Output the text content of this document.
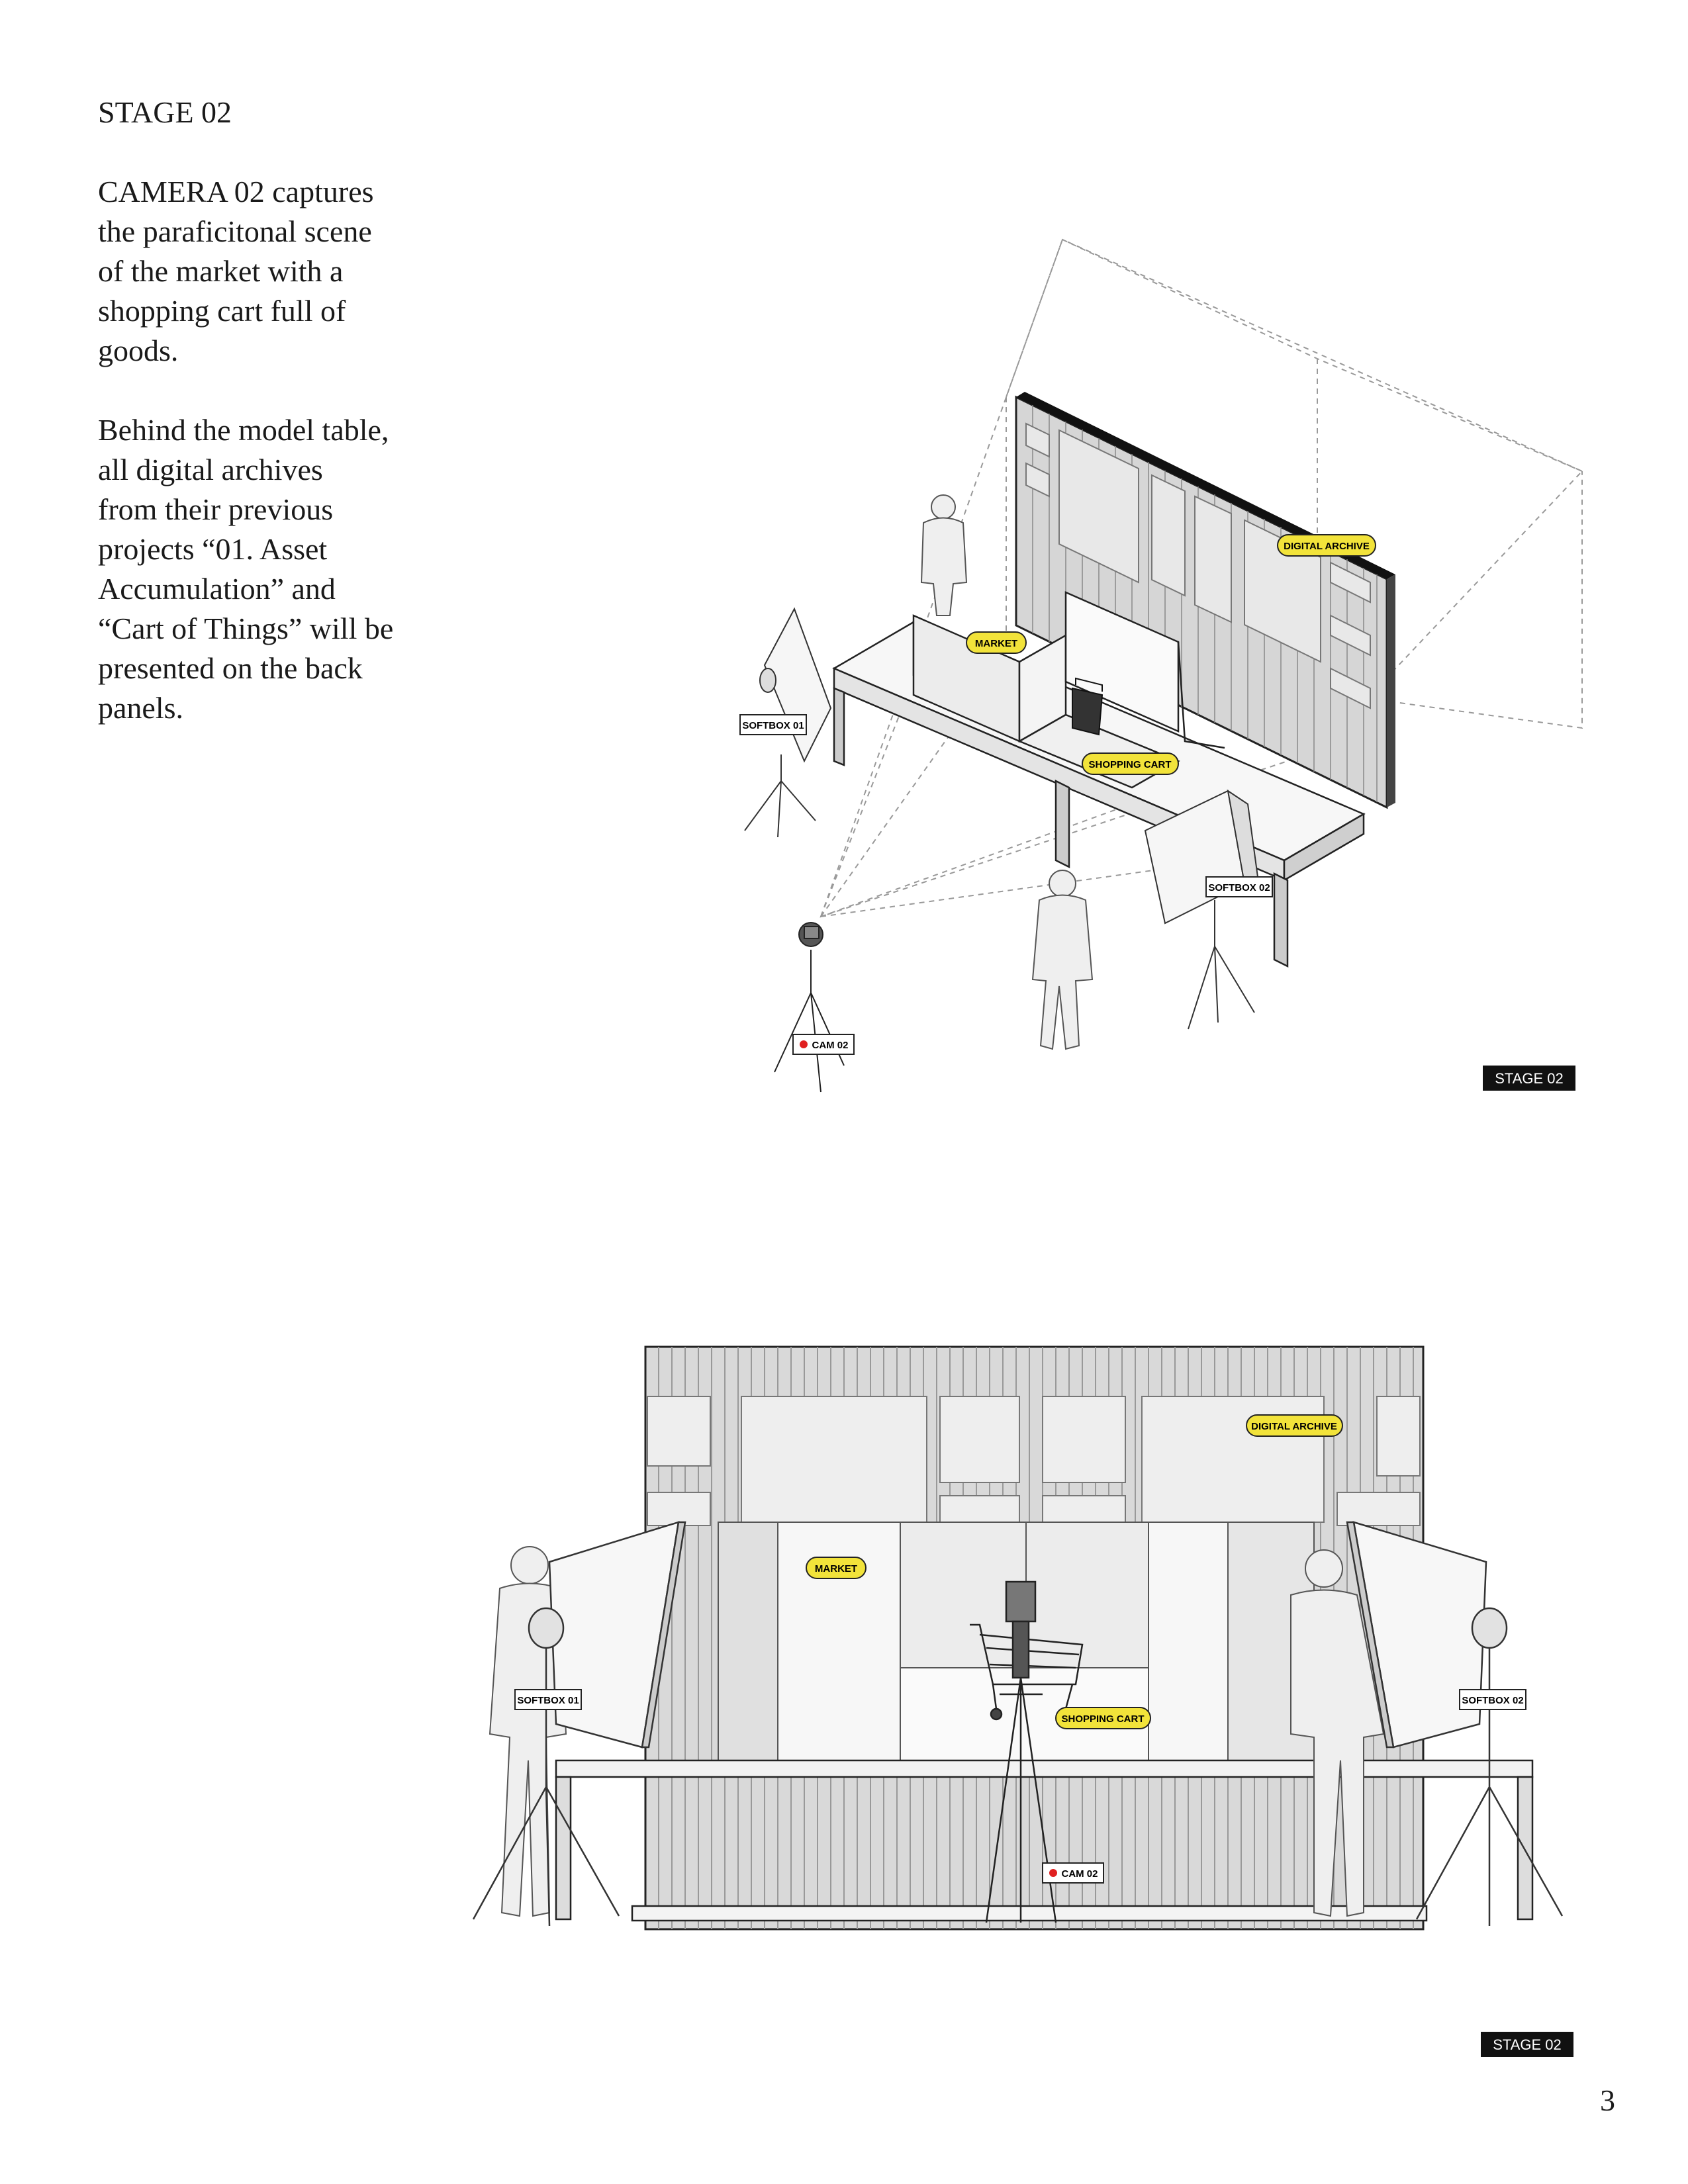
STAGE 02
CAMERA 02 captures
the paraficitonal scene
of the market with a
shopping cart full of
goods.
Behind the model table,
all digital archives
from their previous
projects “01. Asset
Accumulation” and
“Cart of Things” will be
presented on the back
panels.
DIGITAL ARCHIVE
MARKET
SHOPPING CART
SOFTBOX 01
SOFTBOX 02
CAM 02
STAGE 02
DIGITAL ARCHIVE
MARKET
SHOPPING CART
SOFTBOX 01	SOFTBOX 02
CAM 02
STAGE 02
3
